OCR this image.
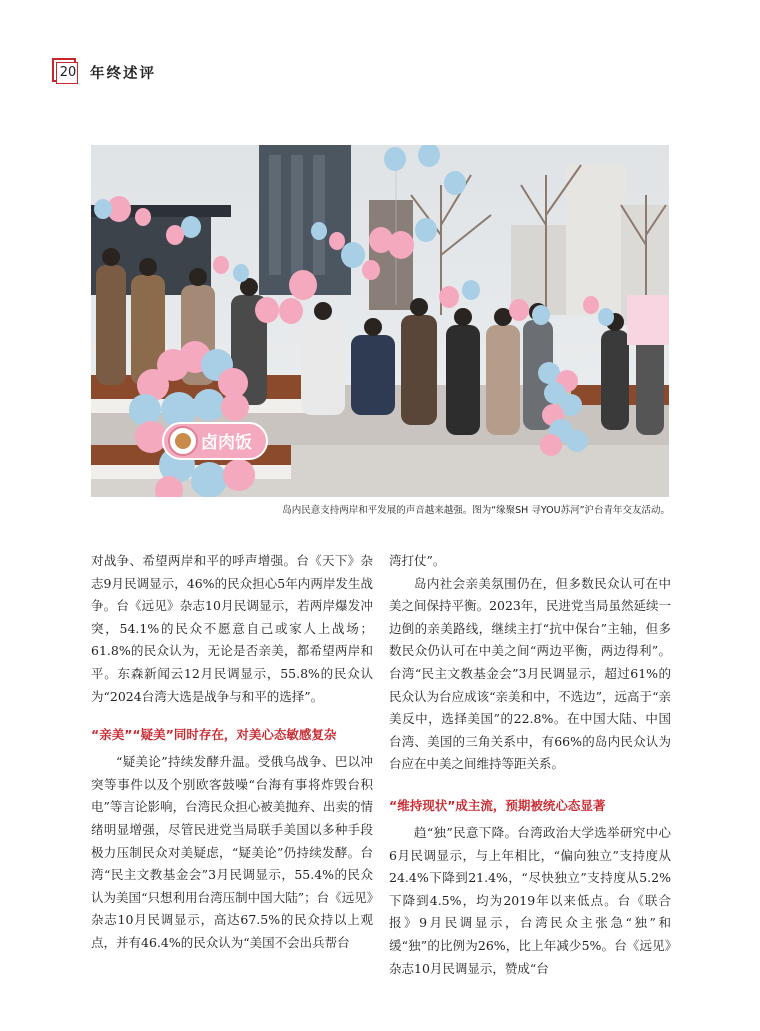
20 年终述评
卤肉饭
岛内民意支持两岸和平发展的声音越来越强。图为“缘聚SH 寻YOU苏河”沪台青年交友活动。

对战争、希望两岸和平的呼声增强。台《天下》杂志9月民调显示，46%的民众担心5年内两岸发生战争。台《远见》杂志10月民调显示，若两岸爆发冲突，54.1%的民众不愿意自己或家人上战场；61.8%的民众认为，无论是否亲美，都希望两岸和平。东森新闻云12月民调显示，55.8%的民众认为“2024台湾大选是战争与和平的选择”。

“亲美”“疑美”同时存在，对美心态敏感复杂

“疑美论”持续发酵升温。受俄乌战争、巴以冲突等事件以及个别欧客鼓噪“台海有事将炸毁台积电”等言论影响，台湾民众担心被美抛弃、出卖的情绪明显增强，尽管民进党当局联手美国以多种手段极力压制民众对美疑虑，“疑美论”仍持续发酵。台湾“民主文教基金会”3月民调显示，55.4%的民众认为美国“只想利用台湾压制中国大陆”；台《远见》杂志10月民调显示，高达67.5%的民众持以上观点，并有46.4%的民众认为“美国不会出兵帮台

湾打仗”。

岛内社会亲美氛围仍在，但多数民众认可在中美之间保持平衡。2023年，民进党当局虽然延续一边倒的亲美路线，继续主打“抗中保台”主轴，但多数民众仍认可在中美之间“两边平衡，两边得利”。台湾“民主文教基金会”3月民调显示，超过61%的民众认为台应成该“亲美和中，不选边”，远高于“亲美反中，选择美国”的22.8%。在中国大陆、中国台湾、美国的三角关系中，有66%的岛内民众认为台应在中美之间维持等距关系。

“维持现状”成主流，预期被统心态显著

趋“独”民意下降。台湾政治大学选举研究中心6月民调显示，与上年相比，“偏向独立”支持度从24.4%下降到21.4%，“尽快独立”支持度从5.2%下降到4.5%，均为2019年以来低点。台《联合报》9月民调显示，台湾民众主张急“独”和缓“独”的比例为26%，比上年减少5%。台《远见》杂志10月民调显示，赞成“台
